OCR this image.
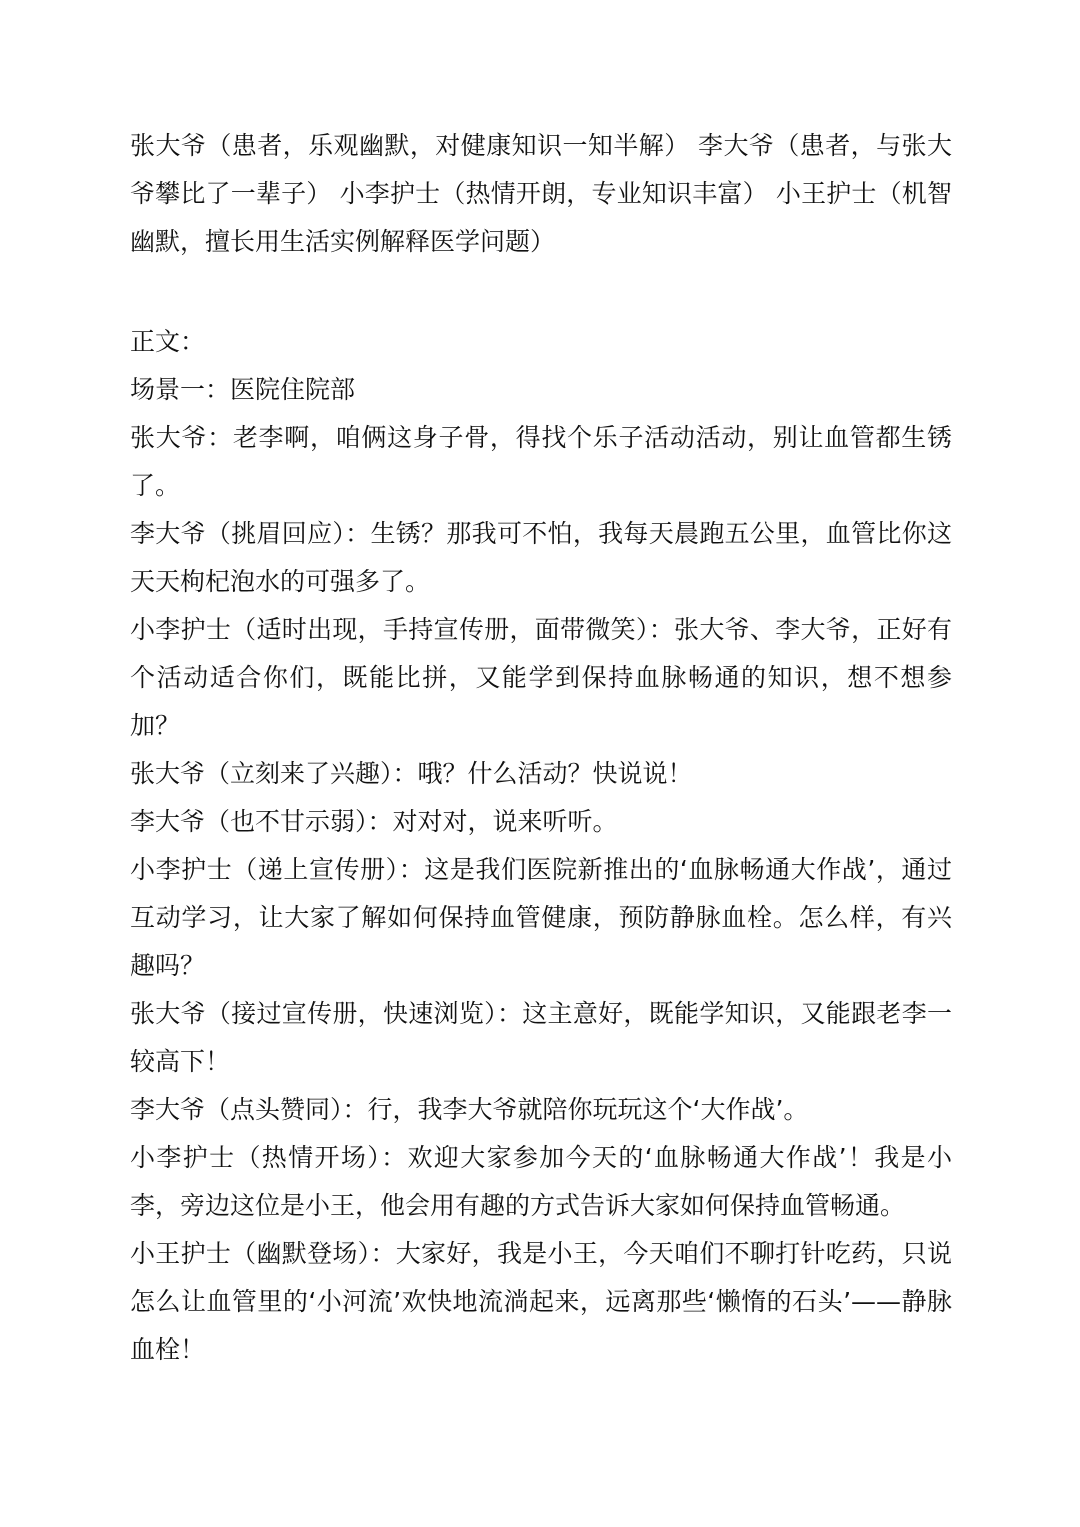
张大爷（患者，乐观幽默，对健康知识一知半解） 李大爷（患者，与张大爷攀比了一辈子） 小李护士（热情开朗，专业知识丰富） 小王护士（机智幽默，擅长用生活实例解释医学问题）

正文：

场景一：医院住院部

张大爷：老李啊，咱俩这身子骨，得找个乐子活动活动，别让血管都生锈了。

李大爷（挑眉回应）：生锈？那我可不怕，我每天晨跑五公里，血管比你这天天枸杞泡水的可强多了。

小李护士（适时出现，手持宣传册，面带微笑）：张大爷、李大爷，正好有个活动适合你们，既能比拼，又能学到保持血脉畅通的知识，想不想参加？

张大爷（立刻来了兴趣）：哦？什么活动？快说说！

李大爷（也不甘示弱）：对对对，说来听听。

小李护士（递上宣传册）：这是我们医院新推出的‘血脉畅通大作战’，通过互动学习，让大家了解如何保持血管健康，预防静脉血栓。怎么样，有兴趣吗？

张大爷（接过宣传册，快速浏览）：这主意好，既能学知识，又能跟老李一较高下！

李大爷（点头赞同）：行，我李大爷就陪你玩玩这个‘大作战’。

小李护士（热情开场）：欢迎大家参加今天的‘血脉畅通大作战’！我是小李，旁边这位是小王，他会用有趣的方式告诉大家如何保持血管畅通。

小王护士（幽默登场）：大家好，我是小王，今天咱们不聊打针吃药，只说怎么让血管里的‘小河流’欢快地流淌起来，远离那些‘懒惰的石头’——静脉血栓！
